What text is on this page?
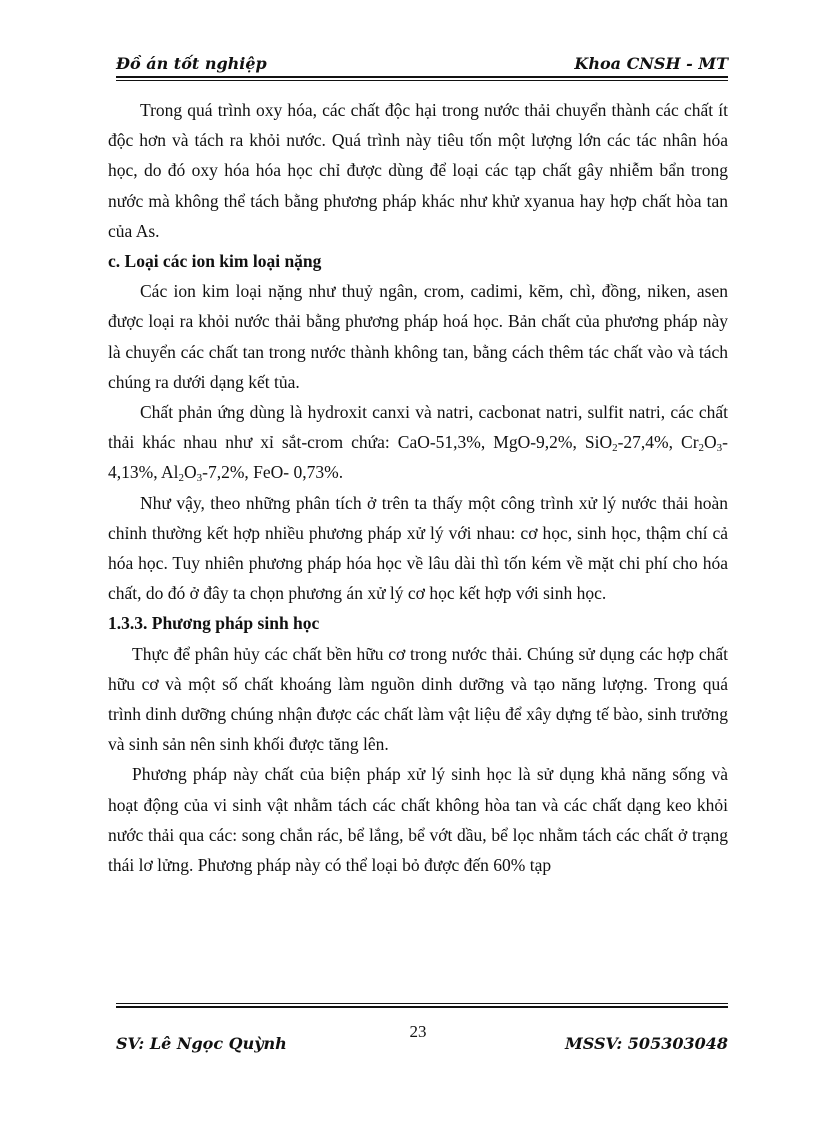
Đồ án tốt nghiệp	Khoa CNSH - MT

Trong quá trình oxy hóa, các chất độc hại trong nước thải chuyển thành các chất ít độc hơn và tách ra khỏi nước. Quá trình này tiêu tốn một lượng lớn các tác nhân hóa học, do đó oxy hóa hóa học chỉ được dùng để loại các tạp chất gây nhiễm bẩn trong nước mà không thể tách bằng phương pháp khác như khử xyanua hay hợp chất hòa tan của As.

c. Loại các ion kim loại nặng

Các ion kim loại nặng như thuỷ ngân, crom, cadimi, kẽm, chì, đồng, niken, asen được loại ra khỏi nước thải bằng phương pháp hoá học. Bản chất của phương pháp này là chuyển các chất tan trong nước thành không tan, bằng cách thêm tác chất vào và tách chúng ra dưới dạng kết tủa.

Chất phản ứng dùng là hydroxit canxi và natri, cacbonat natri, sulfit natri, các chất thải khác nhau như xỉ sắt-crom chứa: CaO-51,3%, MgO-9,2%, SiO$_2$-27,4%, $Cr_2O_3-4,13\%$, $Al_2O_3-7,2\%$, FeO- 0,73%.

Như vậy, theo những phân tích ở trên ta thấy một công trình xử lý nước thải hoàn chỉnh thường kết hợp nhiều phương pháp xử lý với nhau: cơ học, sinh học, thậm chí cả hóa học. Tuy nhiên phương pháp hóa học về lâu dài thì tốn kém về mặt chi phí cho hóa chất, do đó ở đây ta chọn phương án xử lý cơ học kết hợp với sinh học.

1.3.3. Phương pháp sinh học

Thực để phân hủy các chất bền hữu cơ trong nước thải. Chúng sử dụng các hợp chất hữu cơ và một số chất khoáng làm nguồn dinh dưỡng và tạo năng lượng. Trong quá trình dinh dưỡng chúng nhận được các chất làm vật liệu để xây dựng tế bào, sinh trưởng và sinh sản nên sinh khối được tăng lên.

Phương pháp này chất của biện pháp xử lý sinh học là sử dụng khả năng sống và hoạt động của vi sinh vật nhằm tách các chất không hòa tan và các chất dạng keo khỏi nước thải qua các: song chắn rác, bể lắng, bể vớt dầu, bể lọc nhằm tách các chất ở trạng thái lơ lửng. Phương pháp này có thể loại bỏ được đến 60% tạp

SV: Lê Ngọc Quỳnh
23
MSSV: 505303048
